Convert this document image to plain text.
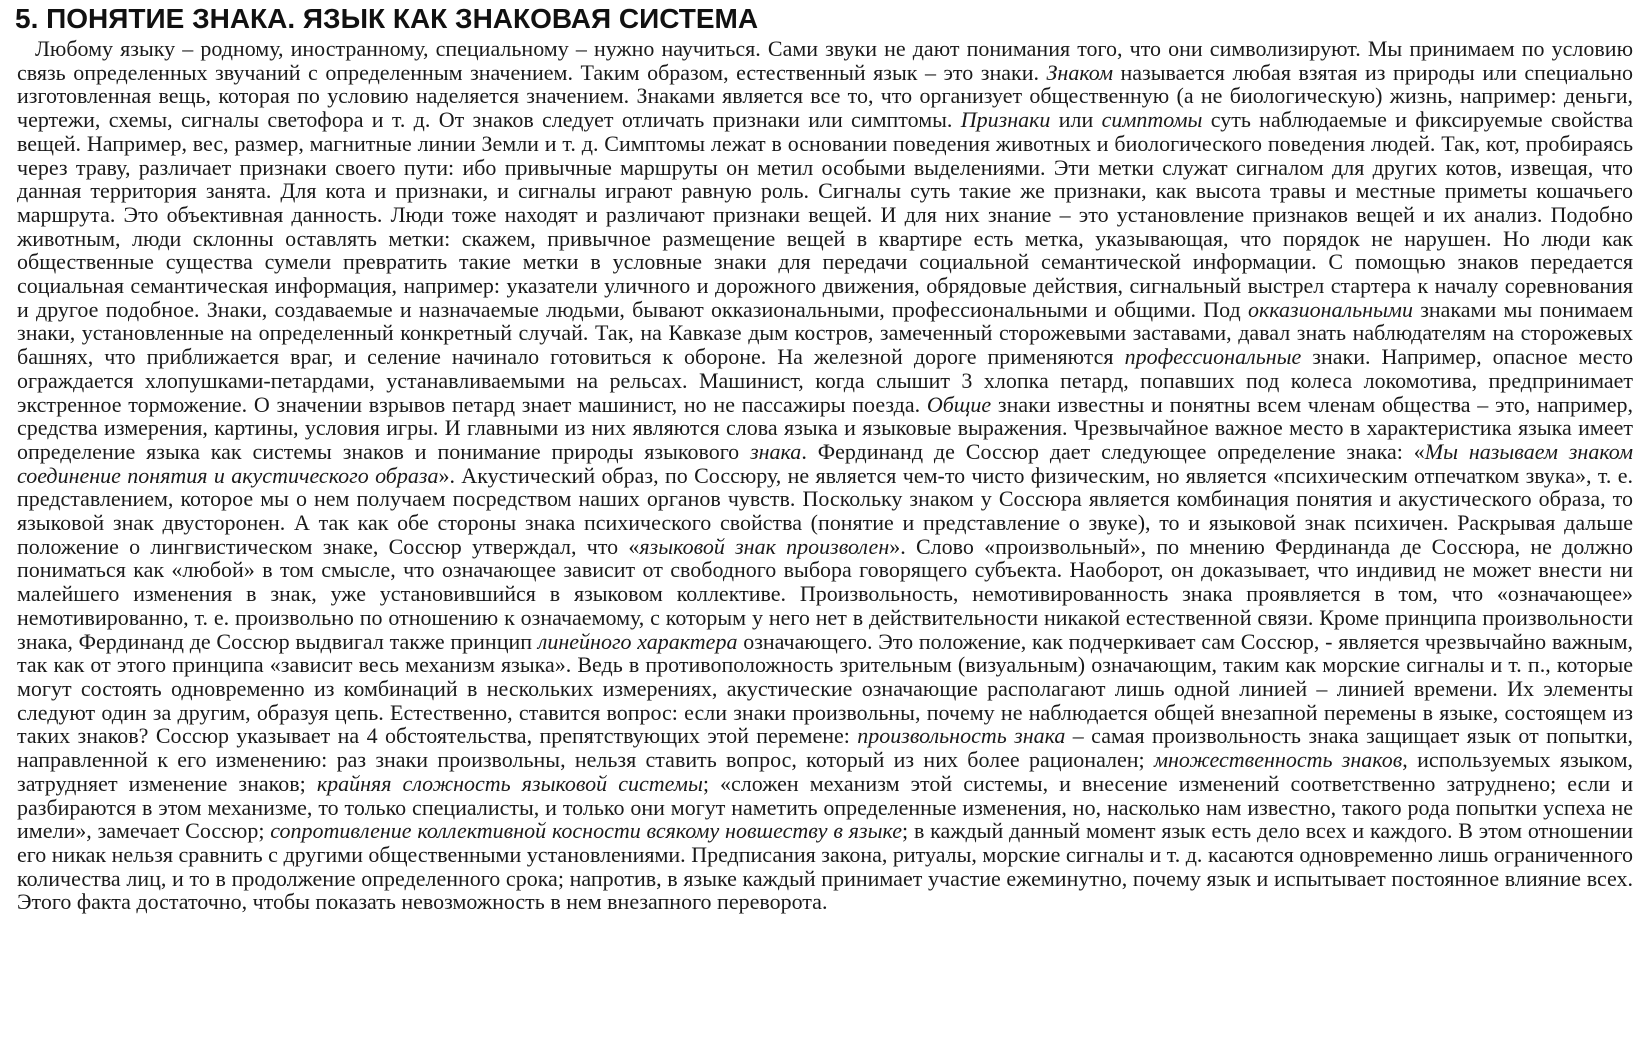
5. ПОНЯТИЕ ЗНАКА. ЯЗЫК КАК ЗНАКОВАЯ СИСТЕМА

Любому языку – родному, иностранному, специальному – нужно научиться. Сами звуки не дают понимания того, что они символизируют. Мы принимаем по условию связь определенных звучаний с определенным значением. Таким образом, естественный язык – это знаки. Знаком называется любая взятая из природы или специально изготовленная вещь, которая по условию наделяется значением. Знаками является все то, что организует общественную (а не биологическую) жизнь, например: деньги, чертежи, схемы, сигналы светофора и т. д. От знаков следует отличать признаки или симптомы. Признаки или симптомы суть наблюдаемые и фиксируемые свойства вещей. Например, вес, размер, магнитные линии Земли и т. д. Симптомы лежат в основании поведения животных и биологического поведения людей. Так, кот, пробираясь через траву, различает признаки своего пути: ибо привычные маршруты он метил особыми выделениями. Эти метки служат сигналом для других котов, извещая, что данная территория занята. Для кота и признаки, и сигналы играют равную роль. Сигналы суть такие же признаки, как высота травы и местные приметы кошачьего маршрута. Это объективная данность. Люди тоже находят и различают признаки вещей. И для них знание – это установление признаков вещей и их анализ. Подобно животным, люди склонны оставлять метки: скажем, привычное размещение вещей в квартире есть метка, указывающая, что порядок не нарушен. Но люди как общественные существа сумели превратить такие метки в условные знаки для передачи социальной семантической информации. С помощью знаков передается социальная семантическая информация, например: указатели уличного и дорожного движения, обрядовые действия, сигнальный выстрел стартера к началу соревнования и другое подобное. Знаки, создаваемые и назначаемые людьми, бывают окказиональными, профессиональными и общими. Под окказиональными знаками мы понимаем знаки, установленные на определенный конкретный случай. Так, на Кавказе дым костров, замеченный сторожевыми заставами, давал знать наблюдателям на сторожевых башнях, что приближается враг, и селение начинало готовиться к обороне. На железной дороге применяются профессиональные знаки. Например, опасное место ограждается хлопушками-петардами, устанавливаемыми на рельсах. Машинист, когда слышит 3 хлопка петард, попавших под колеса локомотива, предпринимает экстренное торможение. О значении взрывов петард знает машинист, но не пассажиры поезда. Общие знаки известны и понятны всем членам общества – это, например, средства измерения, картины, условия игры. И главными из них являются слова языка и языковые выражения. Чрезвычайное важное место в характеристика языка имеет определение языка как системы знаков и понимание природы языкового знака. Фердинанд де Соссюр дает следующее определение знака: «Мы называем знаком соединение понятия и акустического образа». Акустический образ, по Соссюру, не является чем-то чисто физическим, но является «психическим отпечатком звука», т. е. представлением, которое мы о нем получаем посредством наших органов чувств. Поскольку знаком у Соссюра является комбинация понятия и акустического образа, то языковой знак двусторонен. А так как обе стороны знака психического свойства (понятие и представление о звуке), то и языковой знак психичен. Раскрывая дальше положение о лингвистическом знаке, Соссюр утверждал, что «языковой знак произволен». Слово «произвольный», по мнению Фердинанда де Соссюра, не должно пониматься как «любой» в том смысле, что означающее зависит от свободного выбора говорящего субъекта. Наоборот, он доказывает, что индивид не может внести ни малейшего изменения в знак, уже установившийся в языковом коллективе. Произвольность, немотивированность знака проявляется в том, что «означающее» немотивированно, т. е. произвольно по отношению к означаемому, с которым у него нет в действительности никакой естественной связи. Кроме принципа произвольности знака, Фердинанд де Соссюр выдвигал также принцип линейного характера означающего. Это положение, как подчеркивает сам Соссюр, - является чрезвычайно важным, так как от этого принципа «зависит весь механизм языка». Ведь в противоположность зрительным (визуальным) означающим, таким как морские сигналы и т. п., которые могут состоять одновременно из комбинаций в нескольких измерениях, акустические означающие располагают лишь одной линией – линией времени. Их элементы следуют один за другим, образуя цепь. Естественно, ставится вопрос: если знаки произвольны, почему не наблюдается общей внезапной перемены в языке, состоящем из таких знаков? Соссюр указывает на 4 обстоятельства, препятствующих этой перемене: произвольность знака – самая произвольность знака защищает язык от попытки, направленной к его изменению: раз знаки произвольны, нельзя ставить вопрос, который из них более рационален; множественность знаков, используемых языком, затрудняет изменение знаков; крайняя сложность языковой системы; «сложен механизм этой системы, и внесение изменений соответственно затруднено; если и разбираются в этом механизме, то только специалисты, и только они могут наметить определенные изменения, но, насколько нам известно, такого рода попытки успеха не имели», замечает Соссюр; сопротивление коллективной косности всякому новшеству в языке; в каждый данный момент язык есть дело всех и каждого. В этом отношении его никак нельзя сравнить с другими общественными установлениями. Предписания закона, ритуалы, морские сигналы и т. д. касаются одновременно лишь ограниченного количества лиц, и то в продолжение определенного срока; напротив, в языке каждый принимает участие ежеминутно, почему язык и испытывает постоянное влияние всех. Этого факта достаточно, чтобы показать невозможность в нем внезапного переворота.
